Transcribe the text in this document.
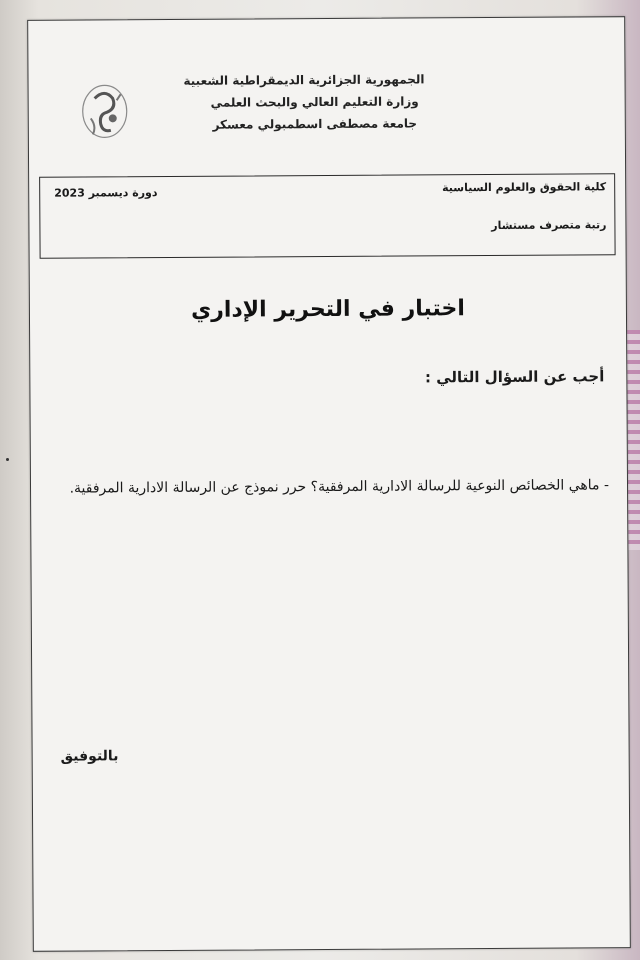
الجمهورية الجزائرية الديمقراطية الشعبية
وزارة التعليم العالي والبحث العلمي
جامعة مصطفى اسطمبولي معسكر
كلية الحقوق والعلوم السياسية
دورة ديسمبر 2023
رتبة متصرف مستشار
اختبار في التحرير الإداري
أجب عن السؤال التالي :
- ماهي الخصائص النوعية للرسالة الادارية المرفقية؟ حرر نموذج عن الرسالة الادارية المرفقية.
بالتوفيق
